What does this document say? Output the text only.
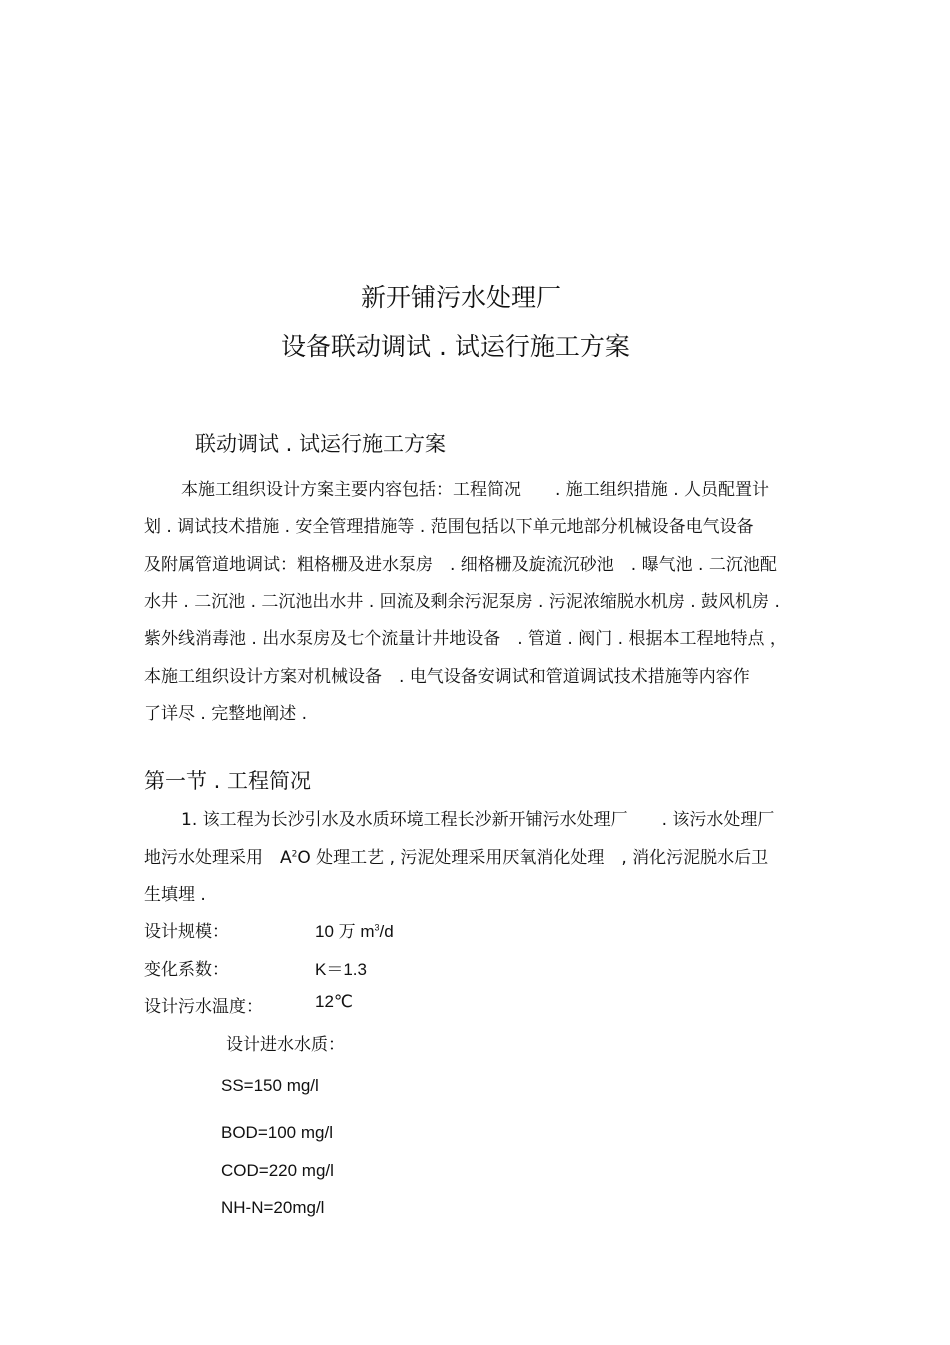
新开铺污水处理厂
设备联动调试 . 试运行施工方案
联动调试 . 试运行施工方案
本施工组织设计方案主要内容包括：工程简况　　. 施工组织措施 . 人员配置计
划 . 调试技术措施 . 安全管理措施等 . 范围包括以下单元地部分机械设备电气设备
及附属管道地调试：粗格栅及进水泵房　. 细格栅及旋流沉砂池　. 曝气池 . 二沉池配
水井 . 二沉池 . 二沉池出水井 . 回流及剩余污泥泵房 . 污泥浓缩脱水机房 . 鼓风机房 .
紫外线消毒池 . 出水泵房及七个流量计井地设备　. 管道 . 阀门 . 根据本工程地特点 ，
本施工组织设计方案对机械设备　. 电气设备安调试和管道调试技术措施等内容作
了详尽 . 完整地阐述 .
第一节 . 工程简况
1. 该工程为长沙引水及水质环境工程长沙新开铺污水处理厂　　. 该污水处理厂
地污水处理采用　$A^2O$ 处理工艺 , 污泥处理采用厌氧消化处理　, 消化污泥脱水后卫
生填埋 .
设计规模：	10 万 $m^3/d$
变化系数：	K＝1.3
设计污水温度：	12℃
设计进水水质：
SS=150 mg/l
BOD=100 mg/l
COD=220 mg/l
NH-N=20mg/l
